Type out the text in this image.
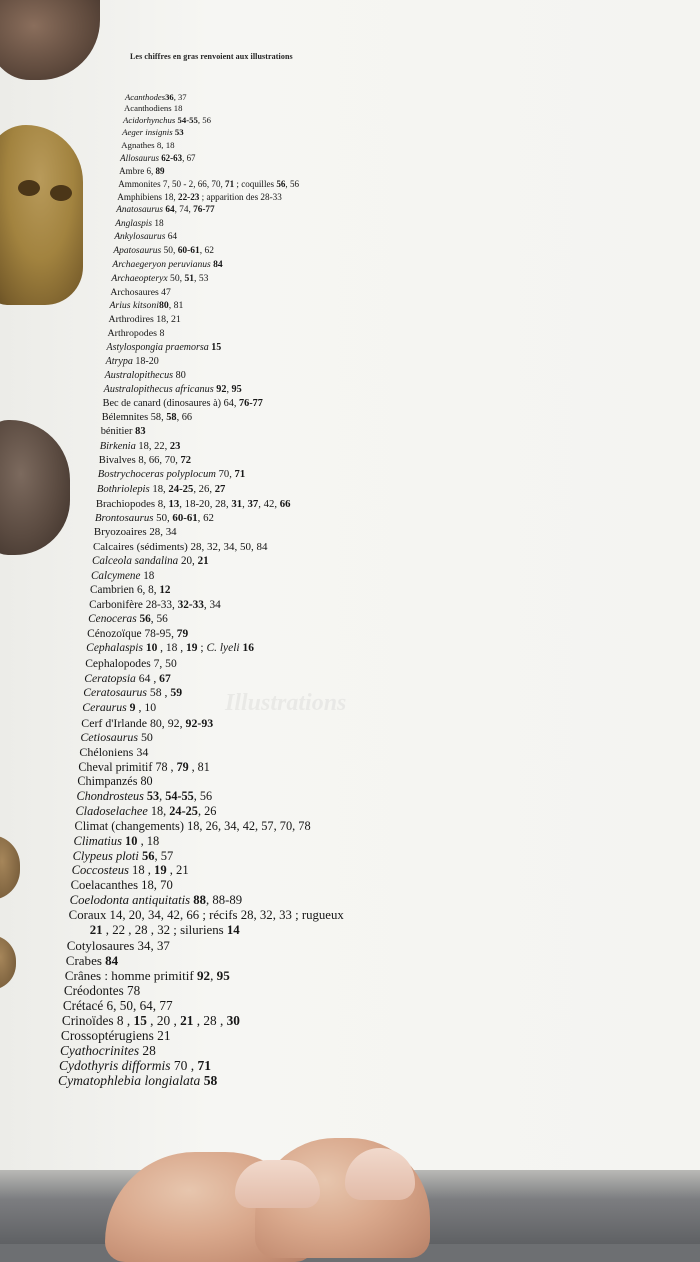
Illustrations
Les chiffres en gras renvoient aux illustrations
Acanthodes36, 37
Acanthodiens 18
Acidorhynchus 54-55, 56
Aeger insignis 53
Agnathes 8, 18
Allosaurus 62-63, 67
Ambre 6, 89
Ammonites 7, 50 - 2, 66, 70, 71 ; coquilles 56, 56
Amphibiens 18, 22-23 ; apparition des 28-33
Anatosaurus 64, 74, 76-77
Anglaspis 18
Ankylosaurus 64
Apatosaurus 50, 60-61, 62
Archaegeryon peruvianus 84
Archaeopteryx 50, 51, 53
Archosaures 47
Arius kitsoni80, 81
Arthrodires 18, 21
Arthropodes 8
Astylospongia praemorsa 15
Atrypa 18-20
Australopithecus 80
Australopithecus africanus 92, 95
Bec de canard (dinosaures à) 64, 76-77
Bélemnites 58, 58, 66
bénitier 83
Birkenia 18, 22, 23
Bivalves 8, 66, 70, 72
Bostrychoceras polyplocum 70, 71
Bothriolepis 18, 24-25, 26, 27
Brachiopodes 8, 13, 18-20, 28, 31, 37, 42, 66
Brontosaurus 50, 60-61, 62
Bryozoaires 28, 34
Calcaires (sédiments) 28, 32, 34, 50, 84
Calceola sandalina 20, 21
Calcymene 18
Cambrien 6, 8, 12
Carbonifère 28-33, 32-33, 34
Cenoceras 56, 56
Cénozoïque 78-95, 79
Cephalaspis 10 , 18 , 19 ; C. lyeli 16
Cephalopodes 7, 50
Ceratopsia 64 , 67
Ceratosaurus 58 , 59
Ceraurus 9 , 10
Cerf d'Irlande 80, 92, 92-93
Cetiosaurus 50
Chéloniens 34
Cheval primitif 78 , 79 , 81
Chimpanzés 80
Chondrosteus 53, 54-55, 56
Cladoselachee 18, 24-25, 26
Climat (changements) 18, 26, 34, 42, 57, 70, 78
Climatius 10 , 18
Clypeus ploti 56, 57
Coccosteus 18 , 19 , 21
Coelacanthes 18, 70
Coelodonta antiquitatis 88, 88-89
Coraux 14, 20, 34, 42, 66 ; récifs 28, 32, 33 ; rugueux
21 , 22 , 28 , 32 ; siluriens 14
Cotylosaures 34, 37
Crabes 84
Crânes : homme primitif 92, 95
Créodontes 78
Crétacé 6, 50, 64, 77
Crinoïdes 8 , 15 , 20 , 21 , 28 , 30
Crossoptérugiens 21
Cyathocrinites 28
Cydothyris difformis 70 , 71
Cymatophlebia longialata 58
